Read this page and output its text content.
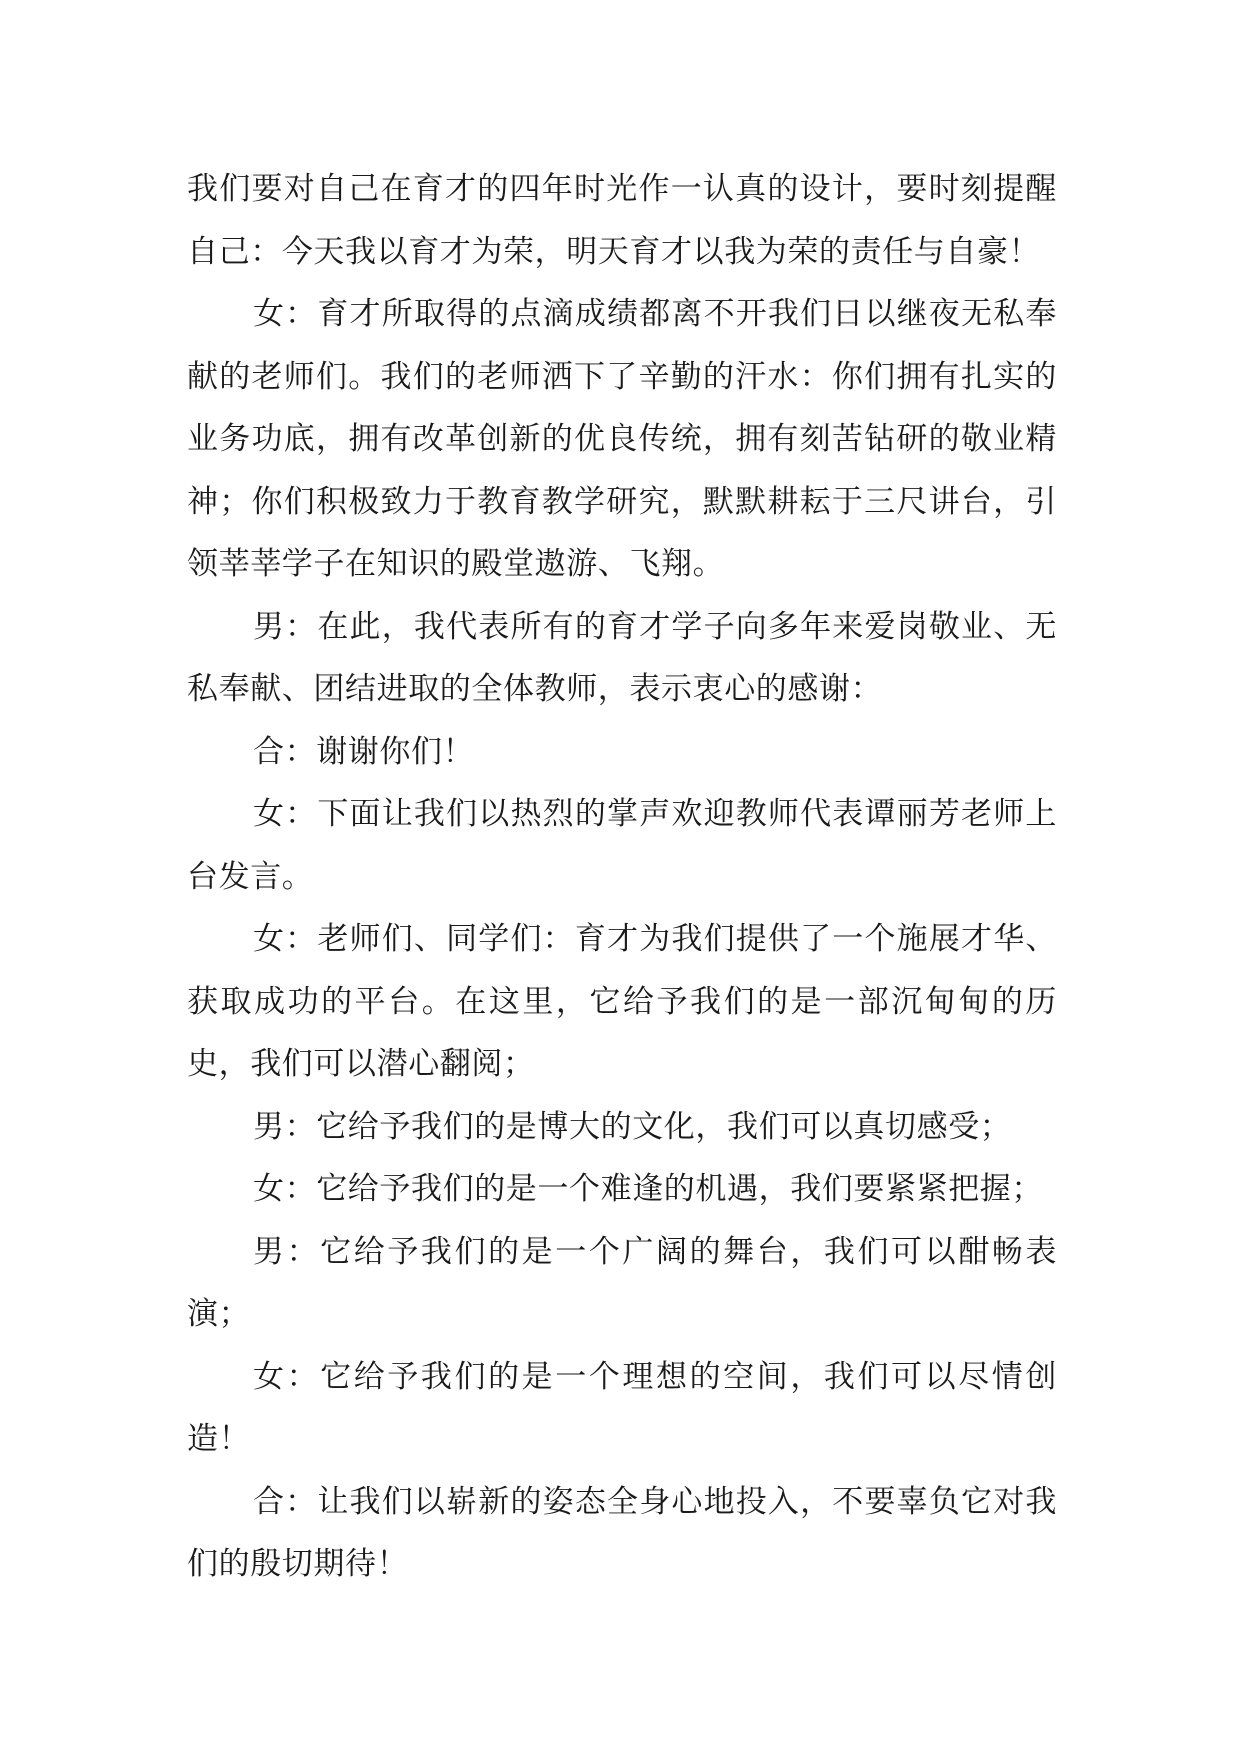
我们要对自己在育才的四年时光作一认真的设计，要时刻提醒自己：今天我以育才为荣，明天育才以我为荣的责任与自豪！

女：育才所取得的点滴成绩都离不开我们日以继夜无私奉献的老师们。我们的老师洒下了辛勤的汗水：你们拥有扎实的业务功底，拥有改革创新的优良传统，拥有刻苦钻研的敬业精神；你们积极致力于教育教学研究，默默耕耘于三尺讲台，引领莘莘学子在知识的殿堂遨游、飞翔。

男：在此，我代表所有的育才学子向多年来爱岗敬业、无私奉献、团结进取的全体教师，表示衷心的感谢：

合：谢谢你们！

女：下面让我们以热烈的掌声欢迎教师代表谭丽芳老师上台发言。

女：老师们、同学们：育才为我们提供了一个施展才华、获取成功的平台。在这里，它给予我们的是一部沉甸甸的历史，我们可以潜心翻阅；

男：它给予我们的是博大的文化，我们可以真切感受；

女：它给予我们的是一个难逢的机遇，我们要紧紧把握；

男：它给予我们的是一个广阔的舞台，我们可以酣畅表演；

女：它给予我们的是一个理想的空间，我们可以尽情创造！

合：让我们以崭新的姿态全身心地投入，不要辜负它对我们的殷切期待！
